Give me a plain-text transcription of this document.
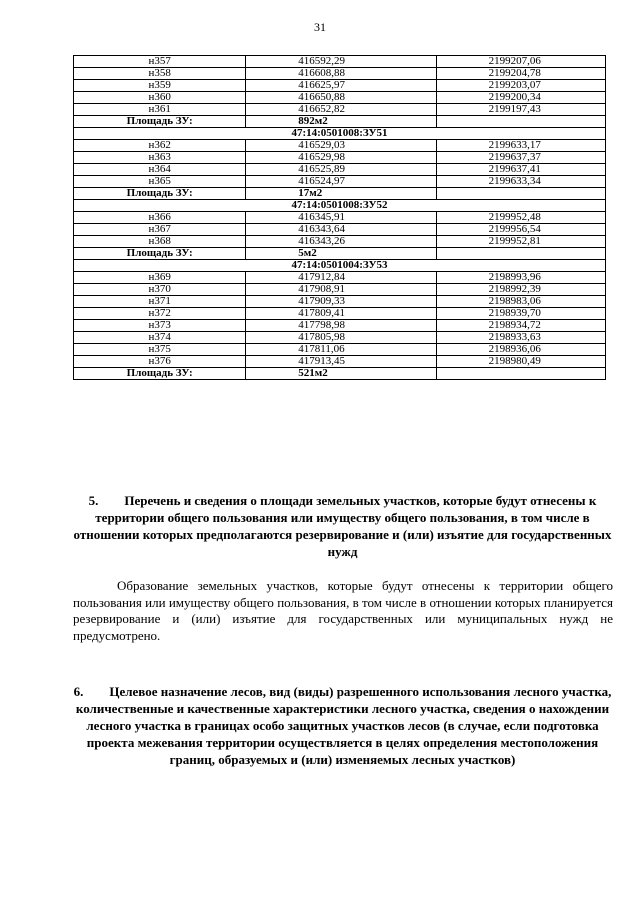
31
н357	416592,29	2199207,06
н358	416608,88	2199204,78
н359	416625,97	2199203,07
н360	416650,88	2199200,34
н361	416652,82	2199197,43
Площадь ЗУ:	892м2	
47:14:0501008:ЗУ51		
н362	416529,03	2199633,17
н363	416529,98	2199637,37
н364	416525,89	2199637,41
н365	416524,97	2199633,34
Площадь ЗУ:	17м2	
47:14:0501008:ЗУ52		
н366	416345,91	2199952,48
н367	416343,64	2199956,54
н368	416343,26	2199952,81
Площадь ЗУ:	5м2	
47:14:0501004:ЗУ53		
н369	417912,84	2198993,96
н370	417908,91	2198992,39
н371	417909,33	2198983,06
н372	417809,41	2198939,70
н373	417798,98	2198934,72
н374	417805,98	2198933,63
н375	417811,06	2198936,06
н376	417913,45	2198980,49
Площадь ЗУ:	521м2	
5. Перечень и сведения о площади земельных участков, которые будут отнесены к территории общего пользования или имуществу общего пользования, в том числе в отношении которых предполагаются резервирование и (или) изъятие для государственных нужд
Образование земельных участков, которые будут отнесены к территории общего пользования или имуществу общего пользования, в том числе в отношении которых планируется резервирование и (или) изъятие для государственных или муниципальных нужд не предусмотрено.
6. Целевое назначение лесов, вид (виды) разрешенного использования лесного участка, количественные и качественные характеристики лесного участка, сведения о нахождении лесного участка в границах особо защитных участков лесов (в случае, если подготовка проекта межевания территории осуществляется в целях определения местоположения границ, образуемых и (или) изменяемых лесных участков)
